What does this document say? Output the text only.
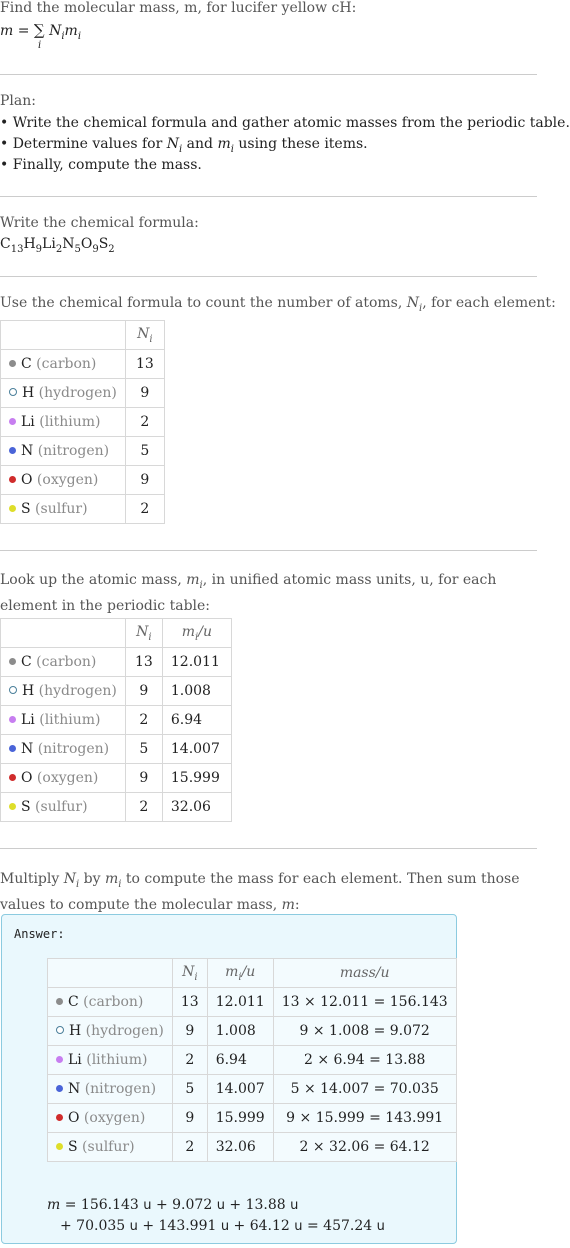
Find the molecular mass, m, for lucifer yellow cH:
m = ∑ $N_im_i$
i
Plan:
• Write the chemical formula and gather atomic masses from the periodic table.
• Determine values for $N_i$ and $m_i$ using these items.
• Finally, compute the mass.
Write the chemical formula:
$C_{13}H_9Li_2N_5O_9S_2$
Use the chemical formula to count the number of atoms, $N_i$, for each element:
	$N_i$
C (carbon)	13
H (hydrogen)	9
Li (lithium)	2
N (nitrogen)	5
O (oxygen)	9
S (sulfur)	2
Look up the atomic mass, $m_i$, in unified atomic mass units, u, for each element in the periodic table:
	$N_i$	$m_i/u$
C (carbon)	13	12.011
H (hydrogen)	9	1.008
Li (lithium)	2	6.94
N (nitrogen)	5	14.007
O (oxygen)	9	15.999
S (sulfur)	2	32.06
Multiply $N_i$ by $m_i$ to compute the mass for each element. Then sum those values to compute the molecular mass, m:
Answer:
	$N_i$	$m_i/u$	mass/u
C (carbon)	13	12.011	13 × 12.011 = 156.143
H (hydrogen)	9	1.008	9 × 1.008 = 9.072
Li (lithium)	2	6.94	2 × 6.94 = 13.88
N (nitrogen)	5	14.007	5 × 14.007 = 70.035
O (oxygen)	9	15.999	9 × 15.999 = 143.991
S (sulfur)	2	32.06	2 × 32.06 = 64.12
m = 156.143 u + 9.072 u + 13.88 u
+ 70.035 u + 143.991 u + 64.12 u = 457.24 u
